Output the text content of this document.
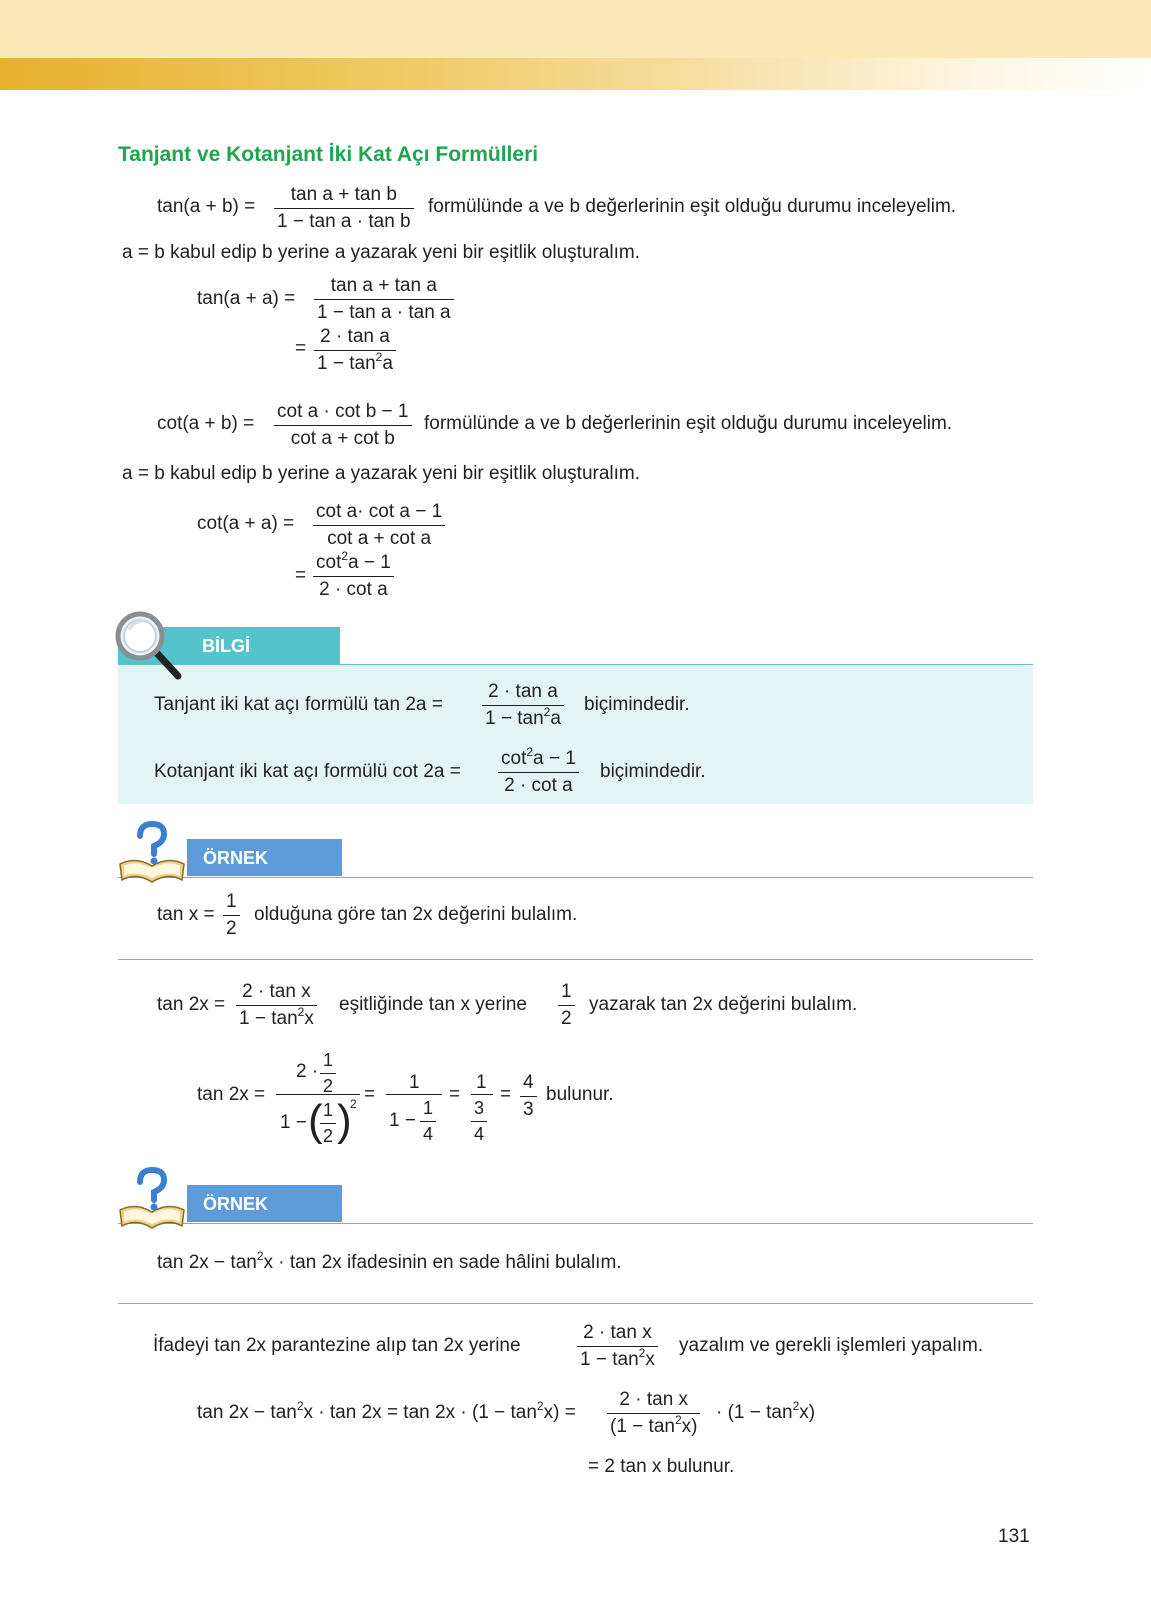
Tanjant ve Kotanjant İki Kat Açı Formülleri
$\tan(a + b) = \frac{\text{tan a + tan b}}{\text{1 − tan a · tan b}}$ formülünde a ve b değerlerinin eşit olduğu durumu inceleyelim.
a = b kabul edip b yerine a yazarak yeni bir eşitlik oluşturalım.
$\tan(a + a) = \frac{\text{tan a + tan a}}{\text{1 − tan a · tan a}}$
= $\frac{\text{2 · tan a}}{1 - \tan^2a}$
$\cot(a + b) = \frac{\text{cot a · cot b − 1}}{\text{cot a + cot b}}$ formülünde a ve b değerlerinin eşit olduğu durumu inceleyelim.
a = b kabul edip b yerine a yazarak yeni bir eşitlik oluşturalım.
$\cot(a + a) = \frac{\text{cot a· cot a − 1}}{\text{cot a + cot a}}$
= $\frac{\cot^2a - 1}{\text{2 · cot a}}$
BİLGİ
Tanjant iki kat açı formülü $\tan 2a = \frac{\text{2 · tan a}}{1 - \tan^2a}$ biçimindedir.
Kotanjant iki kat açı formülü $\cot 2a = \frac{\cot^2a - 1}{\text{2 · cot a}}$ biçimindedir.
ÖRNEK
$\tan x = \frac{1}{2}$ olduğuna göre tan 2x değerini bulalım.
$\tan 2x = \frac{\text{2 · tan x}}{1 - \tan^2x}$ eşitliğinde tan x yerine $\frac{1}{2}$ yazarak tan 2x değerini bulalım.
tan 2x =
$2 \cdot \frac{1}{2}$
1 − (
$\frac{1}{2}$ )
2 =
1
$1 - \frac{1}{4}$
=
1
$\frac{3}{4}$
= $\frac{4}{3}$ bulunur.
ÖRNEK
$\tan 2x - \tan^2x \cdot \tan 2x$ ifadesinin en sade hâlini bulalım.
İfadeyi tan 2x parantezine alıp tan 2x yerine	$\frac{\text{2 · tan x}}{1 - \tan^2x}$ yazalım ve gerekli işlemleri yapalım.
$\tan 2x - \tan^2x \cdot \tan 2x = \tan 2x \cdot (1 - \tan^2x) = \frac{\text{2 · tan x}}{(1 - \tan^2x)} \cdot (1 - \tan^2x)$
= 2 tan x bulunur.
131
